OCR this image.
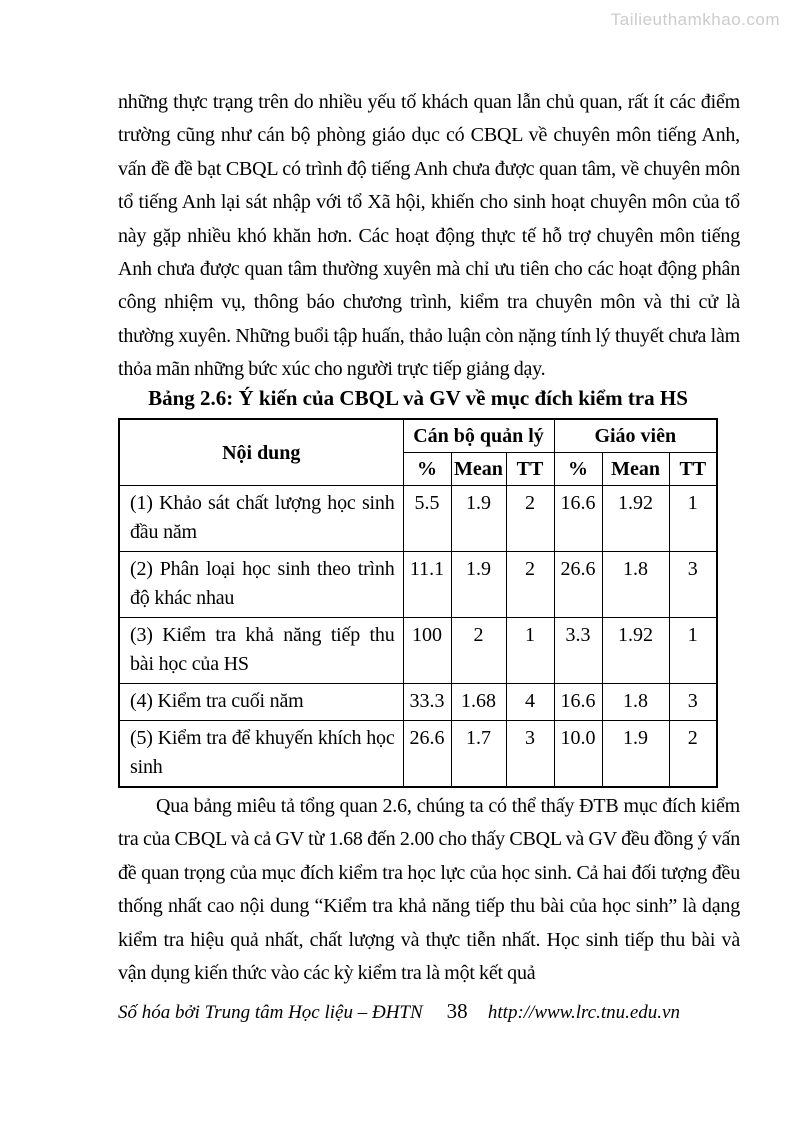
Tailieuthamkhao.com

những thực trạng trên do nhiều yếu tố khách quan lẫn chủ quan, rất ít các điểm trường cũng như cán bộ phòng giáo dục có CBQL về chuyên môn tiếng Anh, vấn đề đề bạt CBQL có trình độ tiếng Anh chưa được quan tâm, về chuyên môn tổ tiếng Anh lại sát nhập với tổ Xã hội, khiến cho sinh hoạt chuyên môn của tổ này gặp nhiều khó khăn hơn. Các hoạt động thực tế hỗ trợ chuyên môn tiếng Anh chưa được quan tâm thường xuyên mà chỉ ưu tiên cho các hoạt động phân công nhiệm vụ, thông báo chương trình, kiểm tra chuyên môn và thi cử là thường xuyên. Những buổi tập huấn, thảo luận còn nặng tính lý thuyết chưa làm thỏa mãn những bức xúc cho người trực tiếp giảng dạy.

Bảng 2.6: Ý kiến của CBQL và GV về mục đích kiểm tra HS
Nội dung	Cán bộ quản lý			Giáo viên		
	%	Mean	TT	%	Mean	TT
(1) Khảo sát chất lượng học sinh đầu năm	5.5	1.9	2	16.6	1.92	1
(2) Phân loại học sinh theo trình độ khác nhau	11.1	1.9	2	26.6	1.8	3
(3) Kiểm tra khả năng tiếp thu bài học của HS	100	2	1	3.3	1.92	1
(4) Kiểm tra cuối năm	33.3	1.68	4	16.6	1.8	3
(5) Kiểm tra để khuyến khích học sinh	26.6	1.7	3	10.0	1.9	2

Qua bảng miêu tả tổng quan 2.6, chúng ta có thể thấy ĐTB mục đích kiểm tra của CBQL và cả GV từ 1.68 đến 2.00 cho thấy CBQL và GV đều đồng ý vấn đề quan trọng của mục đích kiểm tra học lực của học sinh. Cả hai đối tượng đều thống nhất cao nội dung “Kiểm tra khả năng tiếp thu bài của học sinh” là dạng kiểm tra hiệu quả nhất, chất lượng và thực tiễn nhất. Học sinh tiếp thu bài và vận dụng kiến thức vào các kỳ kiểm tra là một kết quả

Số hóa bởi Trung tâm Học liệu – ĐHTN 38 http://www.lrc.tnu.edu.vn
